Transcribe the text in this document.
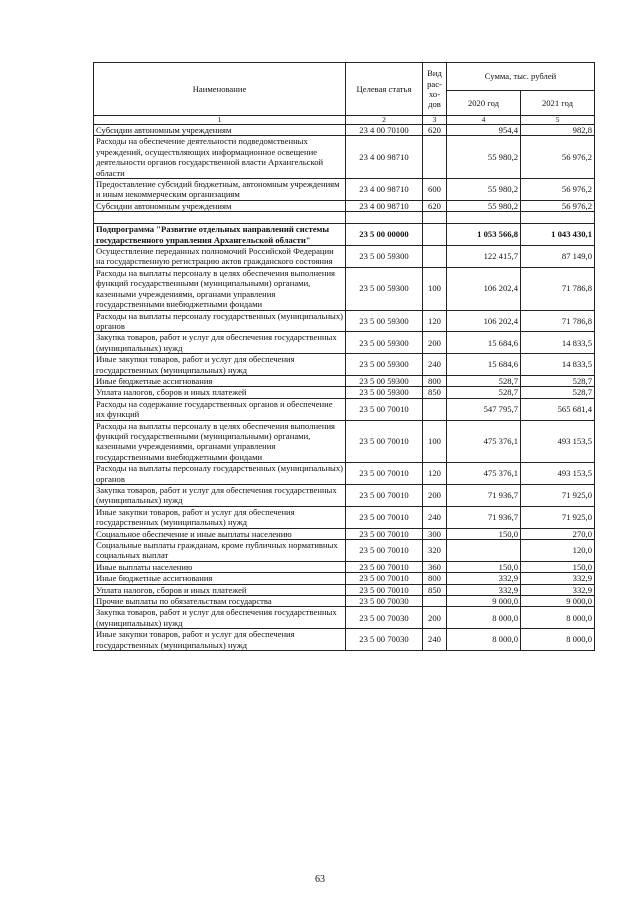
Наименование	Целевая статья	Вид рас-хо-дов	Сумма, тыс. рублей	
			2020 год	2021 год
1	2	3	4	5
Субсидии автономным учреждениям	23 4 00 70100	620	954,4	982,8
Расходы на обеспечение деятельности подведомственных учреждений, осуществляющих информационное освещение деятельности органов государственной власти Архангельской области	23 4 00 98710		55 980,2	56 976,2
Предоставление субсидий бюджетным, автономным учреждениям и иным некоммерческим организациям	23 4 00 98710	600	55 980,2	56 976,2
Субсидии автономным учреждениям	23 4 00 98710	620	55 980,2	56 976,2

Подпрограмма "Развитие отдельных направлений системы государственного управления Архангельской области"	23 5 00 00000		1 053 566,8	1 043 430,1
Осуществление переданных полномочий Российской Федерации на государственную регистрацию актов гражданского состояния	23 5 00 59300		122 415,7	87 149,0
Расходы на выплаты персоналу в целях обеспечения выполнения функций государственными (муниципальными) органами, казенными учреждениями, органами управления государственными внебюджетными фондами	23 5 00 59300	100	106 202,4	71 786,8
Расходы на выплаты персоналу государственных (муниципальных) органов	23 5 00 59300	120	106 202,4	71 786,8
Закупка товаров, работ и услуг для обеспечения государственных (муниципальных) нужд	23 5 00 59300	200	15 684,6	14 833,5
Иные закупки товаров, работ и услуг для обеспечения государственных (муниципальных) нужд	23 5 00 59300	240	15 684,6	14 833,5
Иные бюджетные ассигнования	23 5 00 59300	800	528,7	528,7
Уплата налогов, сборов и иных платежей	23 5 00 59300	850	528,7	528,7
Расходы на содержание государственных органов и обеспечение их функций	23 5 00 70010		547 795,7	565 681,4
Расходы на выплаты персоналу в целях обеспечения выполнения функций государственными (муниципальными) органами, казенными учреждениями, органами управления государственными внебюджетными фондами	23 5 00 70010	100	475 376,1	493 153,5
Расходы на выплаты персоналу государственных (муниципальных) органов	23 5 00 70010	120	475 376,1	493 153,5
Закупка товаров, работ и услуг для обеспечения государственных (муниципальных) нужд	23 5 00 70010	200	71 936,7	71 925,0
Иные закупки товаров, работ и услуг для обеспечения государственных (муниципальных) нужд	23 5 00 70010	240	71 936,7	71 925,0
Социальное обеспечение и иные выплаты населению	23 5 00 70010	300	150,0	270,0
Социальные выплаты гражданам, кроме публичных нормативных социальных выплат	23 5 00 70010	320		120,0
Иные выплаты населению	23 5 00 70010	360	150,0	150,0
Иные бюджетные ассигнования	23 5 00 70010	800	332,9	332,9
Уплата налогов, сборов и иных платежей	23 5 00 70010	850	332,9	332,9
Прочие выплаты по обязательствам государства	23 5 00 70030		9 000,0	9 000,0
Закупка товаров, работ и услуг для обеспечения государственных (муниципальных) нужд	23 5 00 70030	200	8 000,0	8 000,0
Иные закупки товаров, работ и услуг для обеспечения государственных (муниципальных) нужд	23 5 00 70030	240	8 000,0	8 000,0
63
